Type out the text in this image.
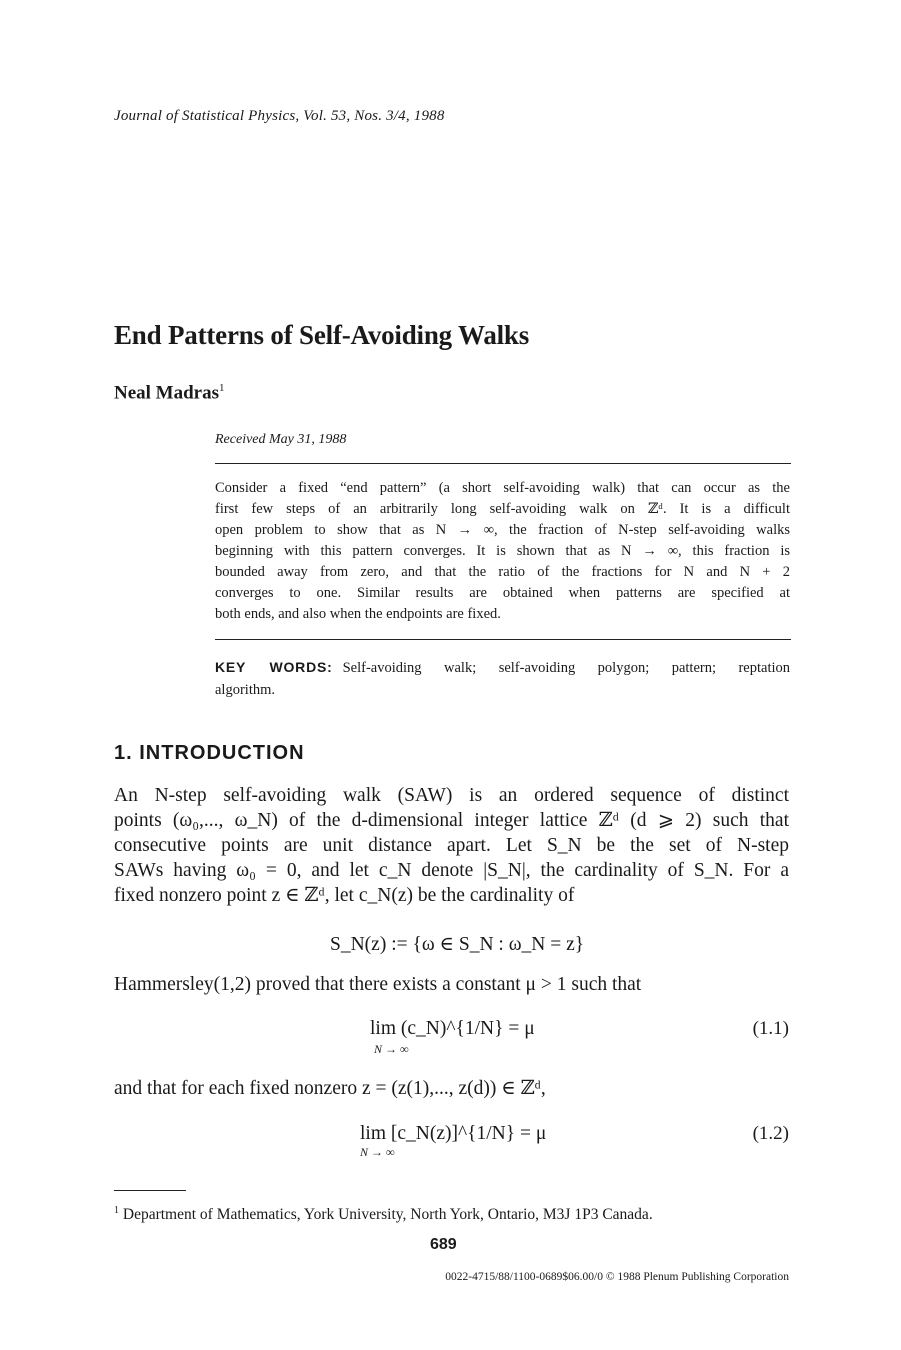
Journal of Statistical Physics, Vol. 53, Nos. 3/4, 1988
End Patterns of Self-Avoiding Walks
Neal Madras$^1$
Received May 31, 1988
Consider a fixed “end pattern” (a short self-avoiding walk) that can occur as the
first few steps of an arbitrarily long self-avoiding walk on ℤᵈ. It is a difficult
open problem to show that as N → ∞, the fraction of N-step self-avoiding walks
beginning with this pattern converges. It is shown that as N → ∞, this fraction is
bounded away from zero, and that the ratio of the fractions for N and N + 2
converges to one. Similar results are obtained when patterns are specified at
both ends, and also when the endpoints are fixed.
KEY WORDS: Self-avoiding walk; self-avoiding polygon; pattern; reptation
algorithm.
1. INTRODUCTION
An N-step self-avoiding walk (SAW) is an ordered sequence of distinct
points (ω₀,..., ω_N) of the d-dimensional integer lattice ℤᵈ (d ⩾ 2) such that
consecutive points are unit distance apart. Let S_N be the set of N-step
SAWs having ω₀ = 0, and let c_N denote |S_N|, the cardinality of S_N. For a
fixed nonzero point z ∈ ℤᵈ, let c_N(z) be the cardinality of
S_N(z) := {ω ∈ S_N : ω_N = z}
Hammersley(1,2) proved that there exists a constant μ > 1 such that
lim (c_N)^{1/N} = μ
N → ∞
(1.1)
and that for each fixed nonzero z = (z(1),..., z(d)) ∈ ℤᵈ,
lim [c_N(z)]^{1/N} = μ
N → ∞
(1.2)
$^1$ Department of Mathematics, York University, North York, Ontario, M3J 1P3 Canada.
689
0022-4715/88/1100-0689$06.00/0 © 1988 Plenum Publishing Corporation
